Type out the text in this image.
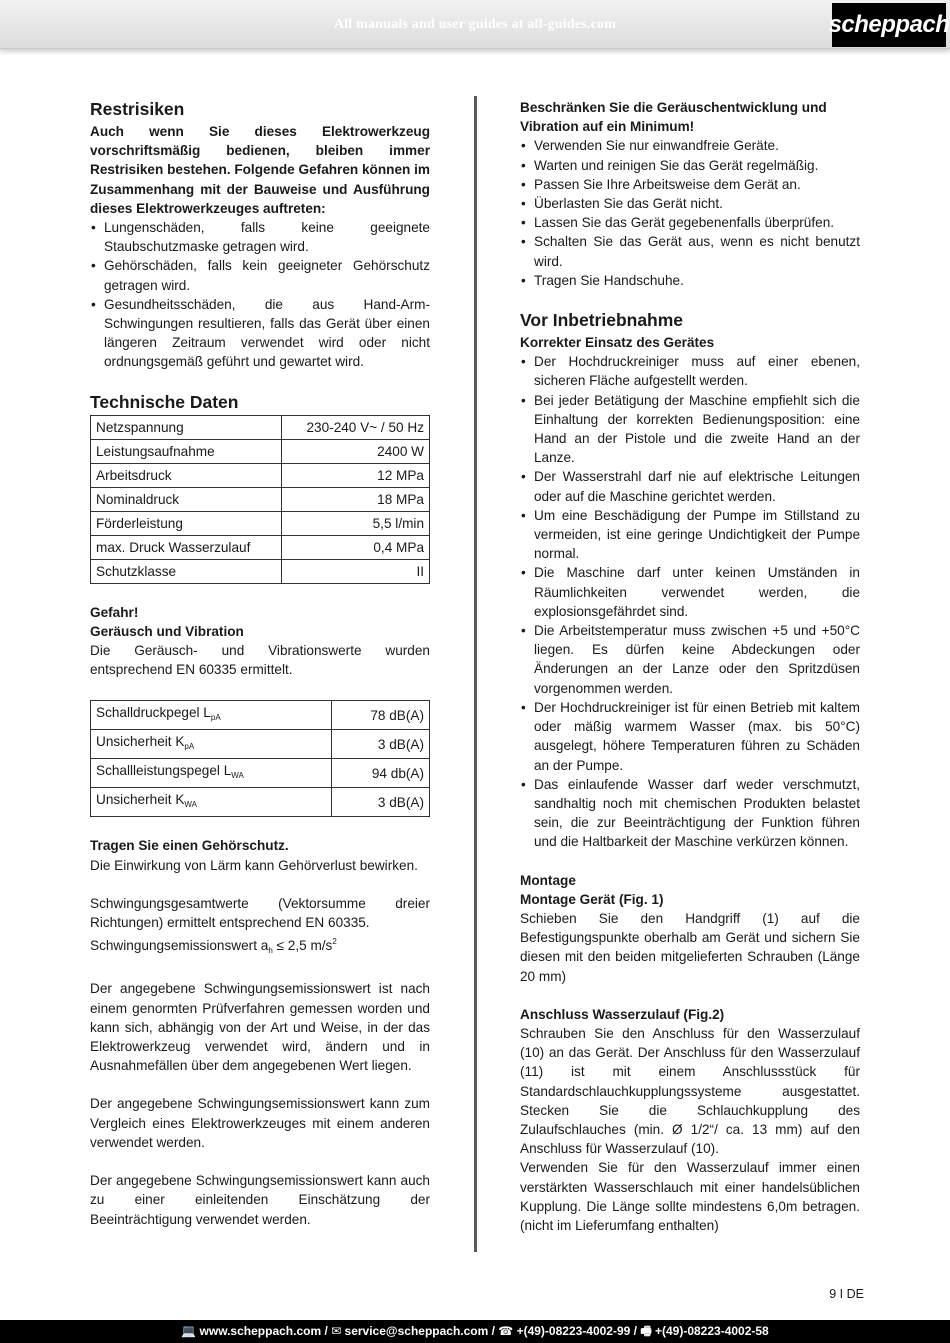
All manuals and user guides at all-guides.com	scheppach
Restrisiken

Auch wenn Sie dieses Elektrowerkzeug vorschriftsmäßig bedienen, bleiben immer Restrisiken bestehen. Folgende Gefahren können im Zusammenhang mit der Bauweise und Ausführung dieses Elektrowerkzeuges auftreten:

• Lungenschäden, falls keine geeignete Staubschutzmaske getragen wird.
• Gehörschäden, falls kein geeigneter Gehörschutz getragen wird.
• Gesundheitsschäden, die aus Hand-Arm- Schwingungen resultieren, falls das Gerät über einen längeren Zeitraum verwendet wird oder nicht ordnungsgemäß geführt und gewartet wird.
Technische Daten
Netzspannung	230-240 V~ / 50 Hz
Leistungsaufnahme	2400 W
Arbeitsdruck	12 MPa
Nominaldruck	18 MPa
Förderleistung	5,5 l/min
max. Druck Wasserzulauf	0,4 MPa
Schutzklasse	II

Gefahr!

Geräusch und Vibration

Die Geräusch- und Vibrationswerte wurden entsprechend EN 60335 ermittelt.

Schalldruckpegel $L_{pA}$	78 dB(A)
Unsicherheit $K_{pA}$	3 dB(A)
Schallleistungspegel $L_{WA}$	94 db(A)
Unsicherheit $K_{WA}$	3 dB(A)

Tragen Sie einen Gehörschutz.

Die Einwirkung von Lärm kann Gehörverlust bewirken.

Schwingungsgesamtwerte (Vektorsumme dreier Richtungen) ermittelt entsprechend EN 60335.

Schwingungsemissionswert $a_h \le 2,5$ $m/s^2$

Der angegebene Schwingungsemissionswert ist nach einem genormten Prüfverfahren gemessen worden und kann sich, abhängig von der Art und Weise, in der das Elektrowerkzeug verwendet wird, ändern und in Ausnahmefällen über dem angegebenen Wert liegen.

Der angegebene Schwingungsemissionswert kann zum Vergleich eines Elektrowerkzeuges mit einem anderen verwendet werden.

Der angegebene Schwingungsemissionswert kann auch zu einer einleitenden Einschätzung der Beeinträchtigung verwendet werden.

Beschränken Sie die Geräuschentwicklung und Vibration auf ein Minimum!

• Verwenden Sie nur einwandfreie Geräte.
• Warten und reinigen Sie das Gerät regelmäßig.
• Passen Sie Ihre Arbeitsweise dem Gerät an.
• Überlasten Sie das Gerät nicht.
• Lassen Sie das Gerät gegebenenfalls überprüfen.
• Schalten Sie das Gerät aus, wenn es nicht benutzt wird.
• Tragen Sie Handschuhe.
Vor Inbetriebnahme

Korrekter Einsatz des Gerätes

• Der Hochdruckreiniger muss auf einer ebenen, sicheren Fläche aufgestellt werden.
• Bei jeder Betätigung der Maschine empfiehlt sich die Einhaltung der korrekten Bedienungsposition: eine Hand an der Pistole und die zweite Hand an der Lanze.
• Der Wasserstrahl darf nie auf elektrische Leitungen oder auf die Maschine gerichtet werden.
• Um eine Beschädigung der Pumpe im Stillstand zu vermeiden, ist eine geringe Undichtigkeit der Pumpe normal.
• Die Maschine darf unter keinen Umständen in Räumlichkeiten verwendet werden, die explosionsgefährdet sind.
• Die Arbeitstemperatur muss zwischen +5 und +50°C liegen. Es dürfen keine Abdeckungen oder Änderungen an der Lanze oder den Spritzdüsen vorgenommen werden.
• Der Hochdruckreiniger ist für einen Betrieb mit kaltem oder mäßig warmem Wasser (max. bis 50°C) ausgelegt, höhere Temperaturen führen zu Schäden an der Pumpe.
• Das einlaufende Wasser darf weder verschmutzt, sandhaltig noch mit chemischen Produkten belastet sein, die zur Beeinträchtigung der Funktion führen und die Haltbarkeit der Maschine verkürzen können.

Montage

Montage Gerät (Fig. 1)

Schieben Sie den Handgriff (1) auf die Befestigungspunkte oberhalb am Gerät und sichern Sie diesen mit den beiden mitgelieferten Schrauben (Länge 20 mm)

Anschluss Wasserzulauf (Fig.2)

Schrauben Sie den Anschluss für den Wasserzulauf (10) an das Gerät. Der Anschluss für den Wasserzulauf (11) ist mit einem Anschlussstück für Standardschlauchkupplungssysteme ausgestattet. Stecken Sie die Schlauchkupplung des Zulaufschlauches (min. Ø 1/2“/ ca. 13 mm) auf den Anschluss für Wasserzulauf (10).

Verwenden Sie für den Wasserzulauf immer einen verstärkten Wasserschlauch mit einer handelsüblichen Kupplung. Die Länge sollte mindestens 6,0m betragen. (nicht im Lieferumfang enthalten)

9 I DE
💻 www.scheppach.com / ✉ service@scheppach.com / ☎ +(49)-08223-4002-99 / 🖷 +(49)-08223-4002-58
